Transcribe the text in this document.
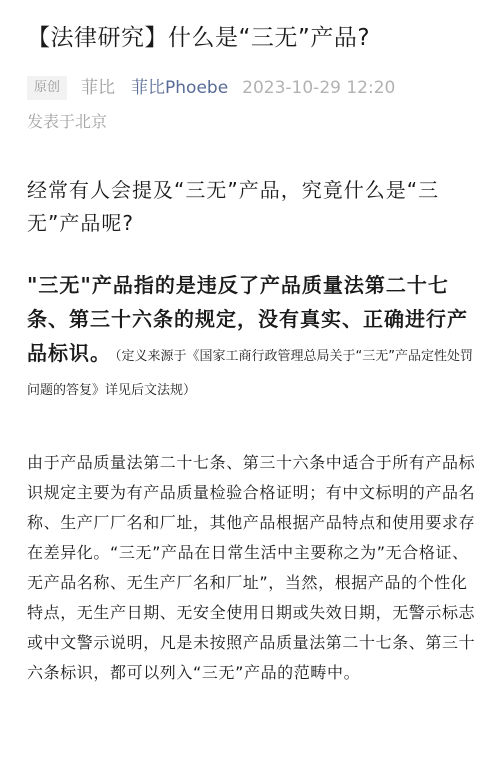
【法律研究】什么是“三无”产品?
原创	菲比 菲比Phoebe 2023-10-29 12:20
发表于北京

经常有人会提及“三无”产品，究竟什么是“三无”产品呢?

"三无"产品指的是违反了产品质量法第二十七条、第三十六条的规定，没有真实、正确进行产品标识。 （定义来源于《国家工商行政管理总局关于“三无”产品定性处罚问题的答复》详见后文法规）

由于产品质量法第二十七条、第三十六条中适合于所有产品标识规定主要为有产品质量检验合格证明；有中文标明的产品名称、生产厂厂名和厂址，其他产品根据产品特点和使用要求存在差异化。“三无”产品在日常生活中主要称之为”无合格证、无产品名称、无生产厂名和厂址”，当然，根据产品的个性化特点，无生产日期、无安全使用日期或失效日期，无警示标志或中文警示说明，凡是未按照产品质量法第二十七条、第三十六条标识，都可以列入“三无”产品的范畴中。
